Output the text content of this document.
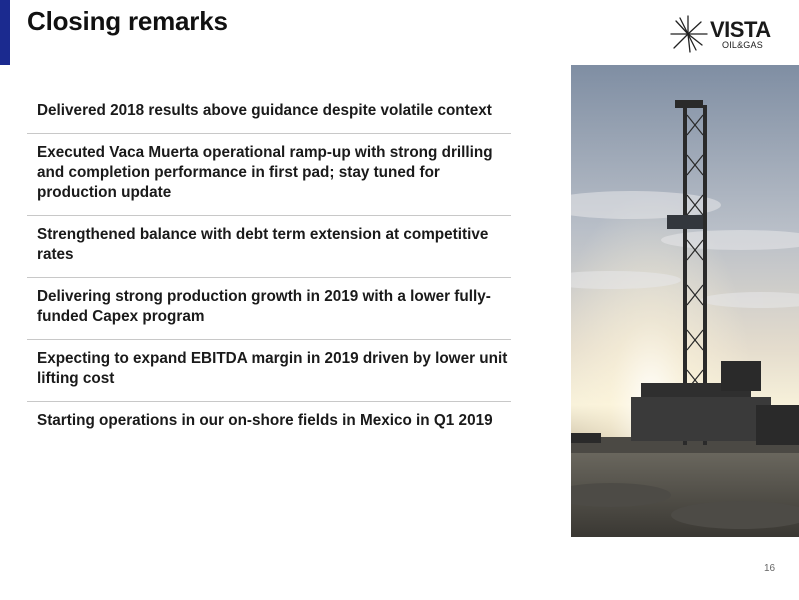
Closing remarks	VISTA
OIL&GAS
Delivered 2018 results above guidance despite volatile context
Executed Vaca Muerta operational ramp-up with strong drilling and completion performance in first pad; stay tuned for production update
Strengthened balance with debt term extension at competitive rates
Delivering strong production growth in 2019 with a lower fully-funded Capex program
Expecting to expand EBITDA margin in 2019 driven by lower unit lifting cost
Starting operations in our on-shore fields in Mexico in Q1 2019
16
